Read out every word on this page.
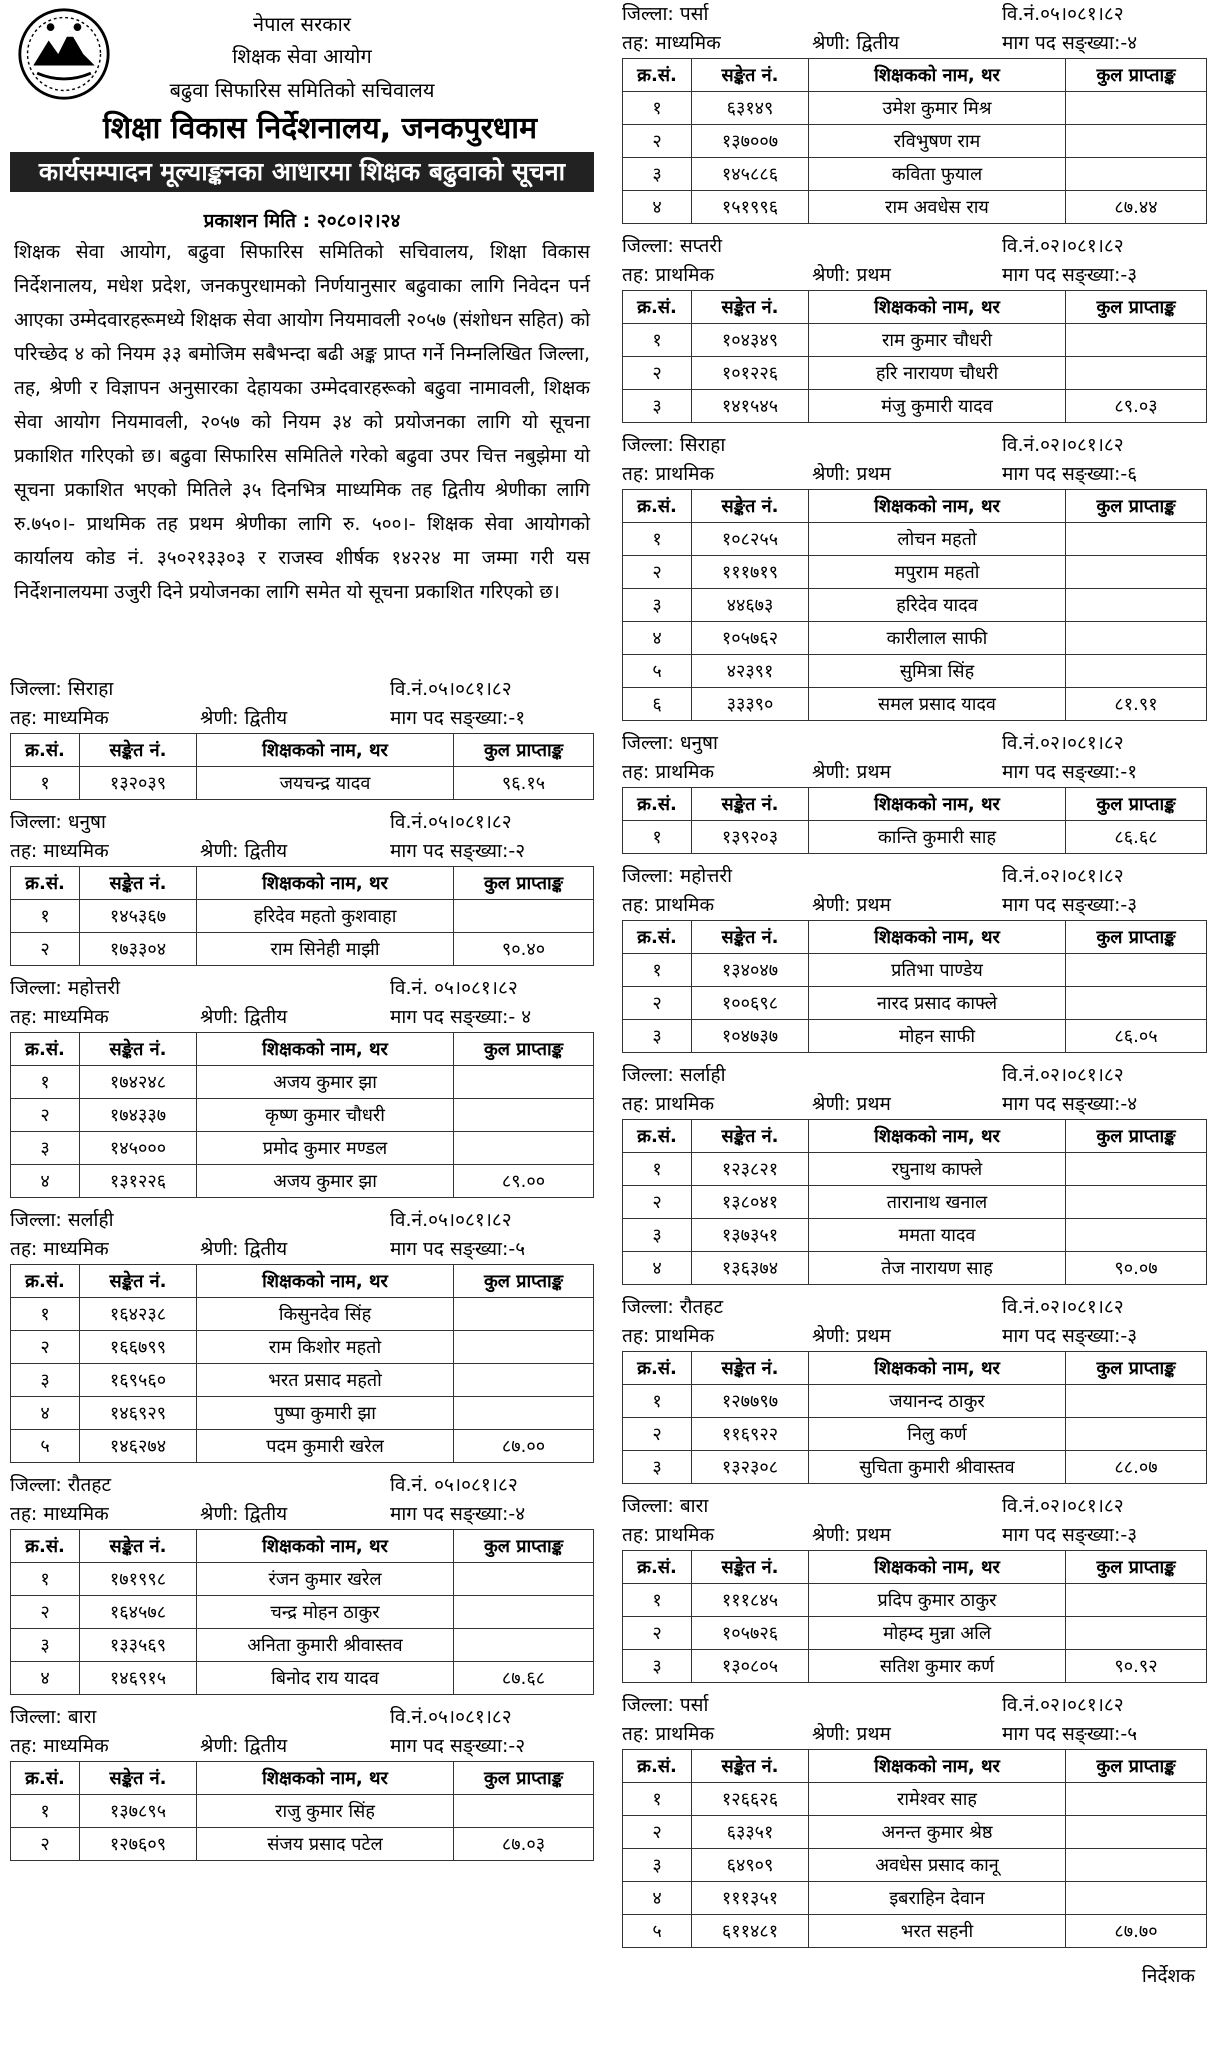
नेपाल सरकार
शिक्षक सेवा आयोग
बढुवा सिफारिस समितिको सचिवालय
शिक्षा विकास निर्देशनालय, जनकपुरधाम
कार्यसम्पादन मूल्याङ्कनका आधारमा शिक्षक बढुवाको सूचना
प्रकाशन मिति : २०८०।२।२४

शिक्षक सेवा आयोग, बढुवा सिफारिस समितिको सचिवालय, शिक्षा विकास निर्देशनालय, मधेश प्रदेश, जनकपुरधामको निर्णयानुसार बढुवाका लागि निवेदन पर्न आएका उम्मेदवारहरूमध्ये शिक्षक सेवा आयोग नियमावली २०५७ (संशोधन सहित) को परिच्छेद ४ को नियम ३३ बमोजिम सबैभन्दा बढी अङ्क प्राप्त गर्ने निम्नलिखित जिल्ला, तह, श्रेणी र विज्ञापन अनुसारका देहायका उम्मेदवारहरूको बढुवा नामावली, शिक्षक सेवा आयोग नियमावली, २०५७ को नियम ३४ को प्रयोजनका लागि यो सूचना प्रकाशित गरिएको छ। बढुवा सिफारिस समितिले गरेको बढुवा उपर चित्त नबुझेमा यो सूचना प्रकाशित भएको मितिले ३५ दिनभित्र माध्यमिक तह द्वितीय श्रेणीका लागि रु.७५०।- प्राथमिक तह प्रथम श्रेणीका लागि रु. ५००।- शिक्षक सेवा आयोगको कार्यालय कोड नं. ३५०२१३३०३ र राजस्व शीर्षक १४२२४ मा जम्मा गरी यस निर्देशनालयमा उजुरी दिने प्रयोजनका लागि समेत यो सूचना प्रकाशित गरिएको छ।

जिल्ला: सिराहा	वि.नं.०५।०८१।८२
तह: माध्यमिक	श्रेणी: द्वितीय	माग पद सङ्ख्या:-१
क्र.सं.	सङ्केत नं.	शिक्षकको नाम, थर	कुल प्राप्ताङ्क
१	१३२०३९	जयचन्द्र यादव	९६.१५
जिल्ला: धनुषा	वि.नं.०५।०८१।८२
तह: माध्यमिक	श्रेणी: द्वितीय	माग पद सङ्ख्या:-२
क्र.सं.	सङ्केत नं.	शिक्षकको नाम, थर	कुल प्राप्ताङ्क
१	१४५३६७	हरिदेव महतो कुशवाहा	
२	१७३३०४	राम सिनेही माझी	९०.४०
जिल्ला: महोत्तरी	वि.नं. ०५।०८१।८२
तह: माध्यमिक	श्रेणी: द्वितीय	माग पद सङ्ख्या:- ४
क्र.सं.	सङ्केत नं.	शिक्षकको नाम, थर	कुल प्राप्ताङ्क
१	१७४२४८	अजय कुमार झा	
२	१७४३३७	कृष्ण कुमार चौधरी	
३	१४५०००	प्रमोद कुमार मण्डल	
४	१३१२२६	अजय कुमार झा	८९.००
जिल्ला: सर्लाही	वि.नं.०५।०८१।८२
तह: माध्यमिक	श्रेणी: द्वितीय	माग पद सङ्ख्या:-५
क्र.सं.	सङ्केत नं.	शिक्षकको नाम, थर	कुल प्राप्ताङ्क
१	१६४२३८	किसुनदेव सिंह	
२	१६६७९९	राम किशोर महतो	
३	१६९५६०	भरत प्रसाद महतो	
४	१४६९२९	पुष्पा कुमारी झा	
५	१४६२७४	पदम कुमारी खरेल	८७.००
जिल्ला: रौतहट	वि.नं. ०५।०८१।८२
तह: माध्यमिक	श्रेणी: द्वितीय	माग पद सङ्ख्या:-४
क्र.सं.	सङ्केत नं.	शिक्षकको नाम, थर	कुल प्राप्ताङ्क
१	१७१९९८	रंजन कुमार खरेल	
२	१६४५७८	चन्द्र मोहन ठाकुर	
३	१३३५६९	अनिता कुमारी श्रीवास्तव	
४	१४६९१५	बिनोद राय यादव	८७.६८
जिल्ला: बारा	वि.नं.०५।०८१।८२
तह: माध्यमिक	श्रेणी: द्वितीय	माग पद सङ्ख्या:-२
क्र.सं.	सङ्केत नं.	शिक्षकको नाम, थर	कुल प्राप्ताङ्क
१	१३७८९५	राजु कुमार सिंह	
२	१२७६०९	संजय प्रसाद पटेल	८७.०३
जिल्ला: पर्सा	वि.नं.०५।०८१।८२
तह: माध्यमिक	श्रेणी: द्वितीय	माग पद सङ्ख्या:-४
क्र.सं.	सङ्केत नं.	शिक्षकको नाम, थर	कुल प्राप्ताङ्क
१	६३१४९	उमेश कुमार मिश्र	
२	१३७००७	रविभुषण राम	
३	१४५८८६	कविता फुयाल	
४	१५१९९६	राम अवधेस राय	८७.४४
जिल्ला: सप्तरी	वि.नं.०२।०८१।८२
तह: प्राथमिक	श्रेणी: प्रथम	माग पद सङ्ख्या:-३
क्र.सं.	सङ्केत नं.	शिक्षकको नाम, थर	कुल प्राप्ताङ्क
१	१०४३४९	राम कुमार चौधरी	
२	१०१२२६	हरि नारायण चौधरी	
३	१४१५४५	मंजु कुमारी यादव	८९.०३
जिल्ला: सिराहा	वि.नं.०२।०८१।८२
तह: प्राथमिक	श्रेणी: प्रथम	माग पद सङ्ख्या:-६
क्र.सं.	सङ्केत नं.	शिक्षकको नाम, थर	कुल प्राप्ताङ्क
१	१०८२५५	लोचन महतो	
२	१११७१९	मपुराम महतो	
३	४४६७३	हरिदेव यादव	
४	१०५७६२	कारीलाल साफी	
५	४२३९१	सुमित्रा सिंह	
६	३३३९०	समल प्रसाद यादव	८१.९१
जिल्ला: धनुषा	वि.नं.०२।०८१।८२
तह: प्राथमिक	श्रेणी: प्रथम	माग पद सङ्ख्या:-१
क्र.सं.	सङ्केत नं.	शिक्षकको नाम, थर	कुल प्राप्ताङ्क
१	१३९२०३	कान्ति कुमारी साह	८६.६८
जिल्ला: महोत्तरी	वि.नं.०२।०८१।८२
तह: प्राथमिक	श्रेणी: प्रथम	माग पद सङ्ख्या:-३
क्र.सं.	सङ्केत नं.	शिक्षकको नाम, थर	कुल प्राप्ताङ्क
१	१३४०४७	प्रतिभा पाण्डेय	
२	१००६९८	नारद प्रसाद काफ्ले	
३	१०४७३७	मोहन साफी	८६.०५
जिल्ला: सर्लाही	वि.नं.०२।०८१।८२
तह: प्राथमिक	श्रेणी: प्रथम	माग पद सङ्ख्या:-४
क्र.सं.	सङ्केत नं.	शिक्षकको नाम, थर	कुल प्राप्ताङ्क
१	१२३८२१	रघुनाथ काफ्ले	
२	१३८०४१	तारानाथ खनाल	
३	१३७३५१	ममता यादव	
४	१३६३७४	तेज नारायण साह	९०.०७
जिल्ला: रौतहट	वि.नं.०२।०८१।८२
तह: प्राथमिक	श्रेणी: प्रथम	माग पद सङ्ख्या:-३
क्र.सं.	सङ्केत नं.	शिक्षकको नाम, थर	कुल प्राप्ताङ्क
१	१२७७९७	जयानन्द ठाकुर	
२	११६९२२	निलु कर्ण	
३	१३२३०८	सुचिता कुमारी श्रीवास्तव	८८.०७
जिल्ला: बारा	वि.नं.०२।०८१।८२
तह: प्राथमिक	श्रेणी: प्रथम	माग पद सङ्ख्या:-३
क्र.सं.	सङ्केत नं.	शिक्षकको नाम, थर	कुल प्राप्ताङ्क
१	१११८४५	प्रदिप कुमार ठाकुर	
२	१०५७२६	मोहम्द मुन्ना अलि	
३	१३०८०५	सतिश कुमार कर्ण	९०.९२
जिल्ला: पर्सा	वि.नं.०२।०८१।८२
तह: प्राथमिक	श्रेणी: प्रथम	माग पद सङ्ख्या:-५
क्र.सं.	सङ्केत नं.	शिक्षकको नाम, थर	कुल प्राप्ताङ्क
१	१२६६२६	रामेश्वर साह	
२	६३३५१	अनन्त कुमार श्रेष्ठ	
३	६४९०९	अवधेस प्रसाद कानू	
४	१११३५१	इबराहिन देवान	
५	६११४८१	भरत सहनी	८७.७०
निर्देशक
